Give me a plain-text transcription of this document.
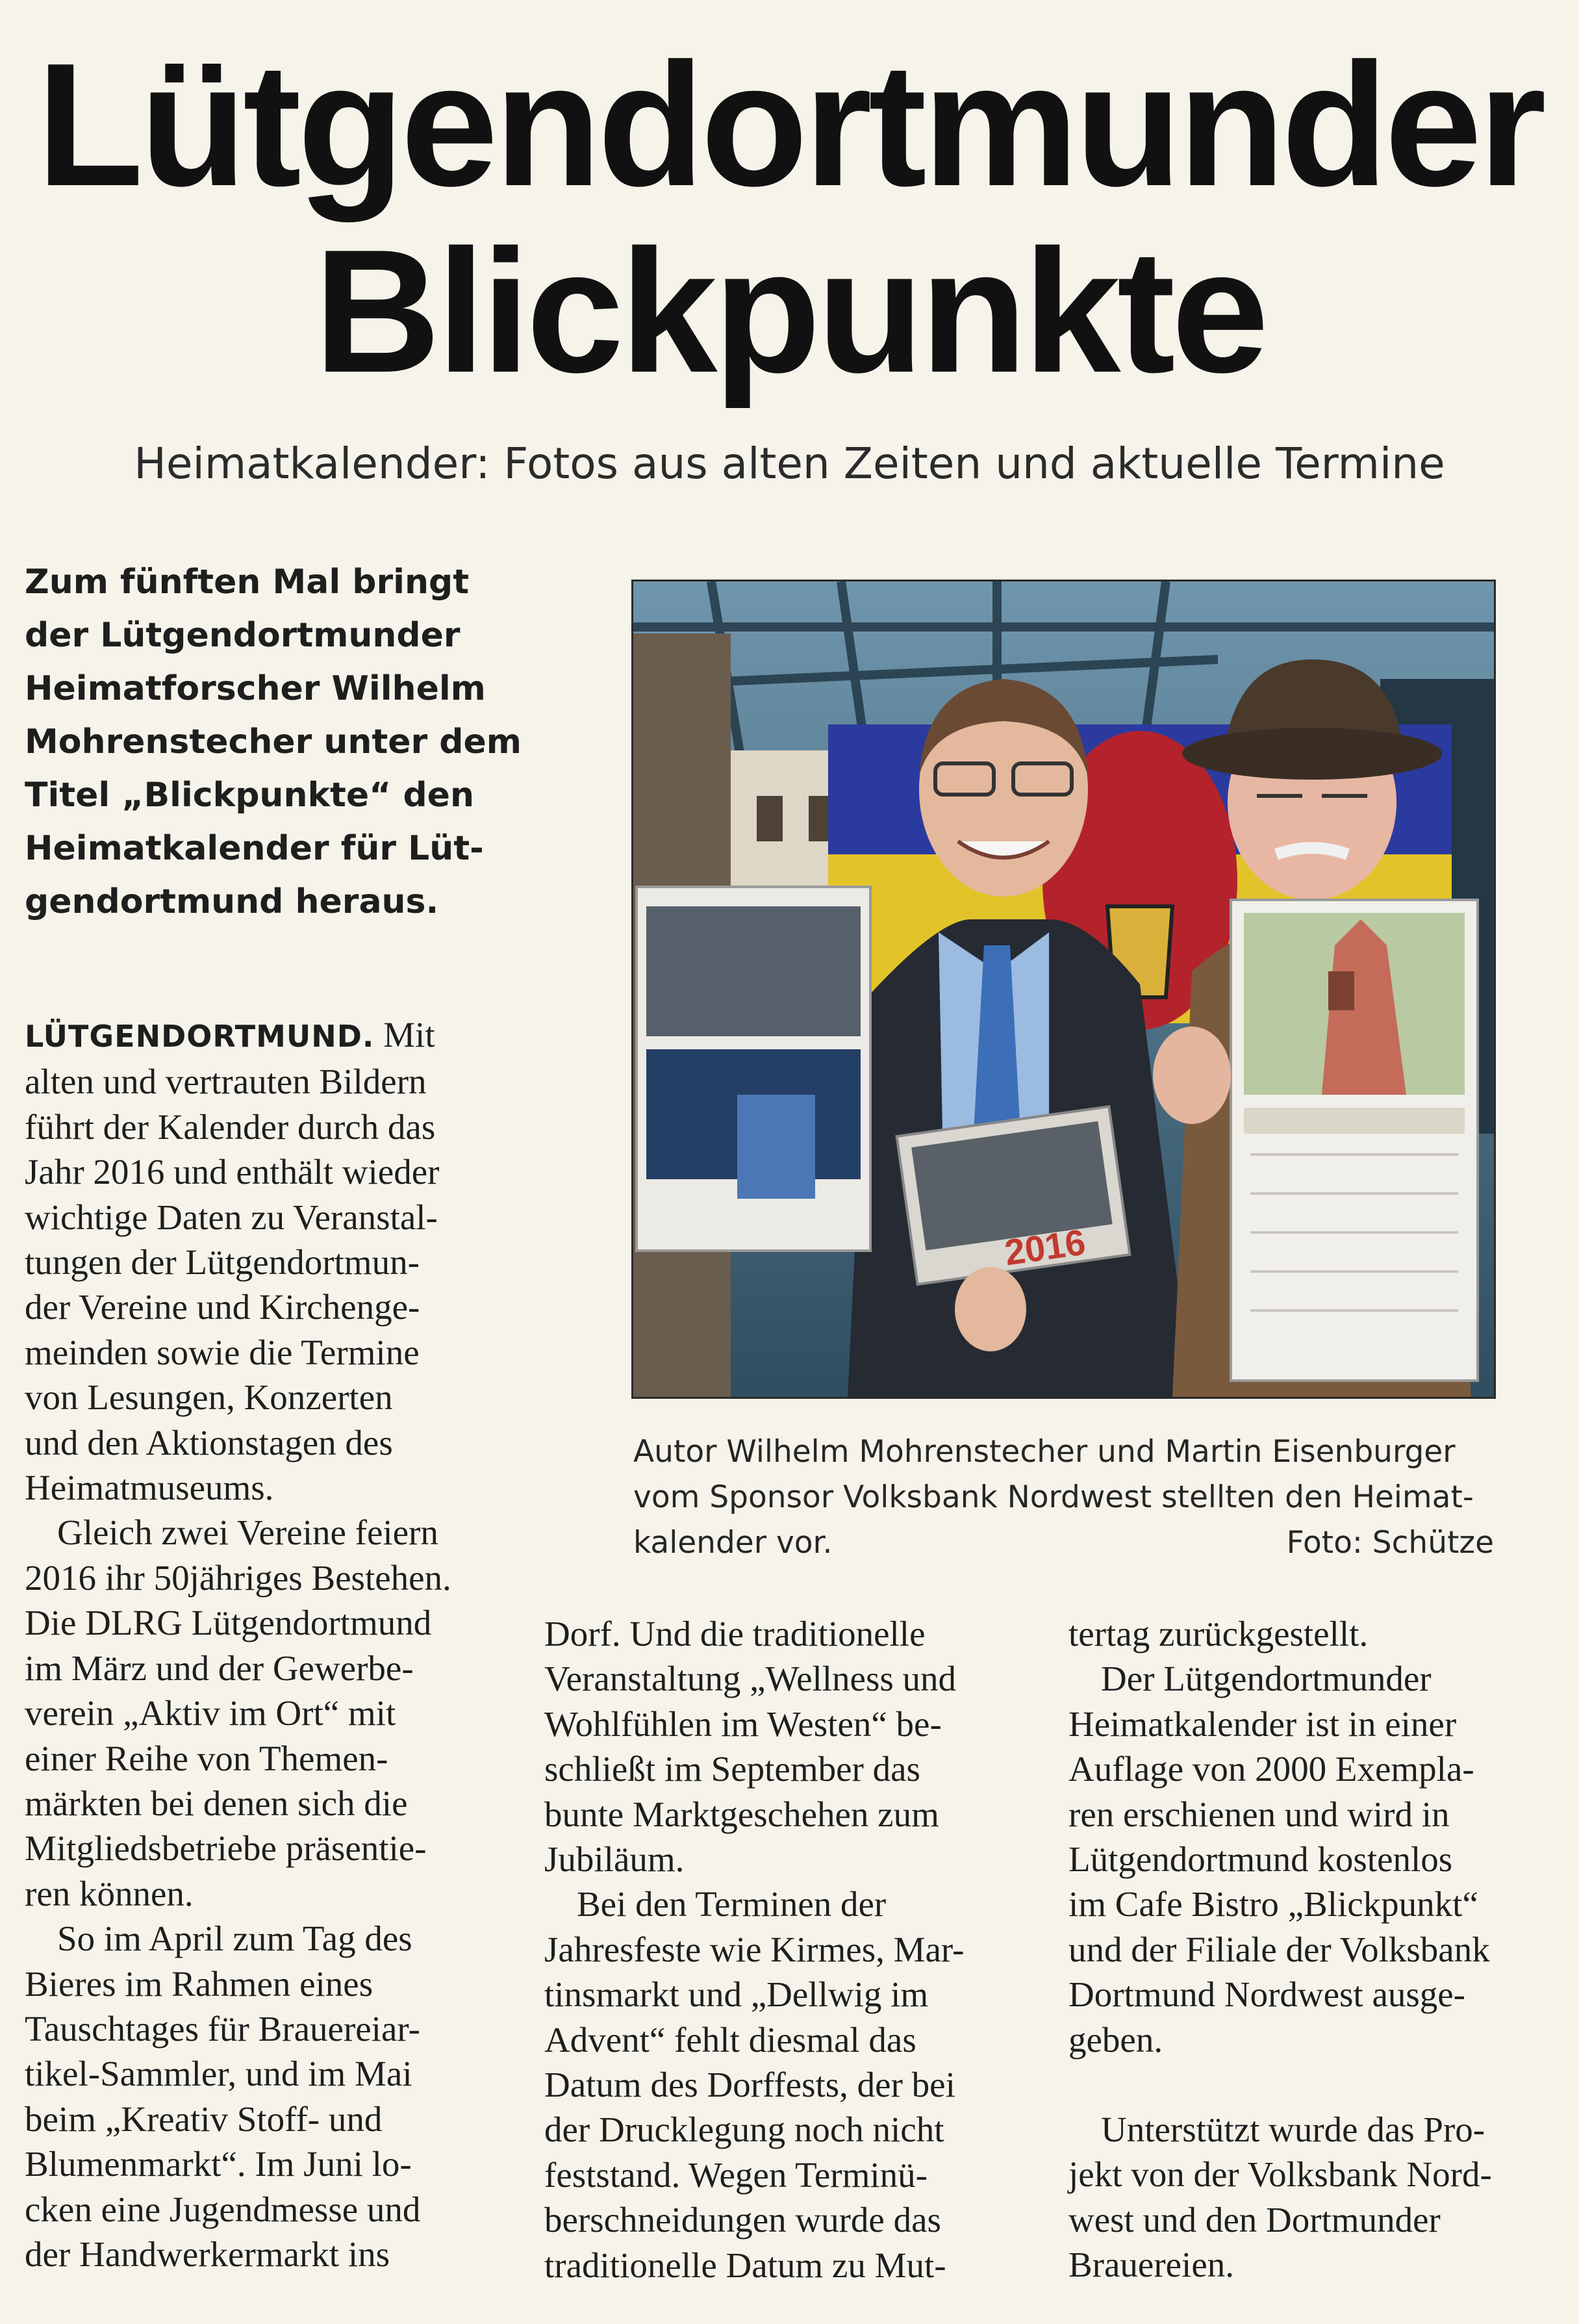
Lütgendortmunder
Blickpunkte
Heimatkalender: Fotos aus alten Zeiten und aktuelle Termine
Zum fünften Mal bringt
der Lütgendortmunder
Heimatforscher Wilhelm
Mohrenstecher unter dem
Titel „Blickpunkte“ den
Heimatkalender für Lüt-
gendortmund heraus.
LÜTGENDORTMUND. Mit
alten und vertrauten Bildern
führt der Kalender durch das
Jahr 2016 und enthält wieder
wichtige Daten zu Veranstal-
tungen der Lütgendortmun-
der Vereine und Kirchenge-
meinden sowie die Termine
von Lesungen, Konzerten
und den Aktionstagen des
Heimatmuseums.
Gleich zwei Vereine feiern
2016 ihr 50jähriges Bestehen.
Die DLRG Lütgendortmund
im März und der Gewerbe-
verein „Aktiv im Ort“ mit
einer Reihe von Themen-
märkten bei denen sich die
Mitgliedsbetriebe präsentie-
ren können.
So im April zum Tag des
Bieres im Rahmen eines
Tauschtages für Brauereiar-
tikel-Sammler, und im Mai
beim „Kreativ Stoff- und
Blumenmarkt“. Im Juni lo-
cken eine Jugendmesse und
der Handwerkermarkt ins
2016
Autor Wilhelm Mohrenstecher und Martin Eisenburger
vom Sponsor Volksbank Nordwest stellten den Heimat-
kalender vor.	Foto: Schütze
Dorf. Und die traditionelle
Veranstaltung „Wellness und
Wohlfühlen im Westen“ be-
schließt im September das
bunte Marktgeschehen zum
Jubiläum.
Bei den Terminen der
Jahresfeste wie Kirmes, Mar-
tinsmarkt und „Dellwig im
Advent“ fehlt diesmal das
Datum des Dorffests, der bei
der Drucklegung noch nicht
feststand. Wegen Terminü-
berschneidungen wurde das
traditionelle Datum zu Mut-
tertag zurückgestellt.
Der Lütgendortmunder
Heimatkalender ist in einer
Auflage von 2000 Exempla-
ren erschienen und wird in
Lütgendortmund kostenlos
im Cafe Bistro „Blickpunkt“
und der Filiale der Volksbank
Dortmund Nordwest ausge-
geben.
Unterstützt wurde das Pro-
jekt von der Volksbank Nord-
west und den Dortmunder
Brauereien.
